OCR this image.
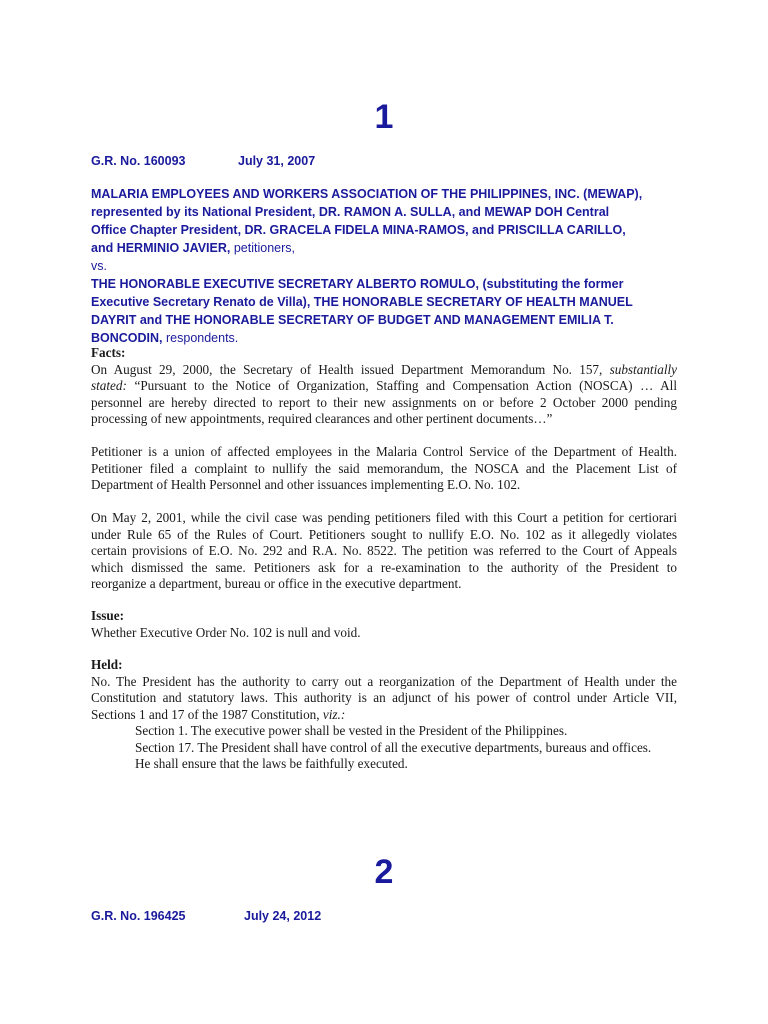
1
G.R. No. 160093	July 31, 2007
MALARIA EMPLOYEES AND WORKERS ASSOCIATION OF THE PHILIPPINES, INC. (MEWAP),
represented by its National President, DR. RAMON A. SULLA, and MEWAP DOH Central
Office Chapter President, DR. GRACELA FIDELA MINA-RAMOS, and PRISCILLA CARILLO,
and HERMINIO JAVIER, petitioners,
vs.
THE HONORABLE EXECUTIVE SECRETARY ALBERTO ROMULO, (substituting the former
Executive Secretary Renato de Villa), THE HONORABLE SECRETARY OF HEALTH MANUEL
DAYRIT and THE HONORABLE SECRETARY OF BUDGET AND MANAGEMENT EMILIA T.
BONCODIN, respondents.
Facts:
On August 29, 2000, the Secretary of Health issued Department Memorandum No. 157, substantially
stated: “Pursuant to the Notice of Organization, Staffing and Compensation Action (NOSCA) … All
personnel are hereby directed to report to their new assignments on or before 2 October 2000 pending
processing of new appointments, required clearances and other pertinent documents…”
Petitioner is a union of affected employees in the Malaria Control Service of the Department of Health.
Petitioner filed a complaint to nullify the said memorandum, the NOSCA and the Placement List of
Department of Health Personnel and other issuances implementing E.O. No. 102.
On May 2, 2001, while the civil case was pending petitioners filed with this Court a petition for certiorari
under Rule 65 of the Rules of Court. Petitioners sought to nullify E.O. No. 102 as it allegedly violates
certain provisions of E.O. No. 292 and R.A. No. 8522. The petition was referred to the Court of Appeals
which dismissed the same. Petitioners ask for a re-examination to the authority of the President to
reorganize a department, bureau or office in the executive department.
Issue:
Whether Executive Order No. 102 is null and void.
Held:
No. The President has the authority to carry out a reorganization of the Department of Health under the
Constitution and statutory laws. This authority is an adjunct of his power of control under Article VII,
Sections 1 and 17 of the 1987 Constitution, viz.:
Section 1. The executive power shall be vested in the President of the Philippines.
Section 17. The President shall have control of all the executive departments, bureaus and offices.
He shall ensure that the laws be faithfully executed.
2
G.R. No. 196425	July 24, 2012
